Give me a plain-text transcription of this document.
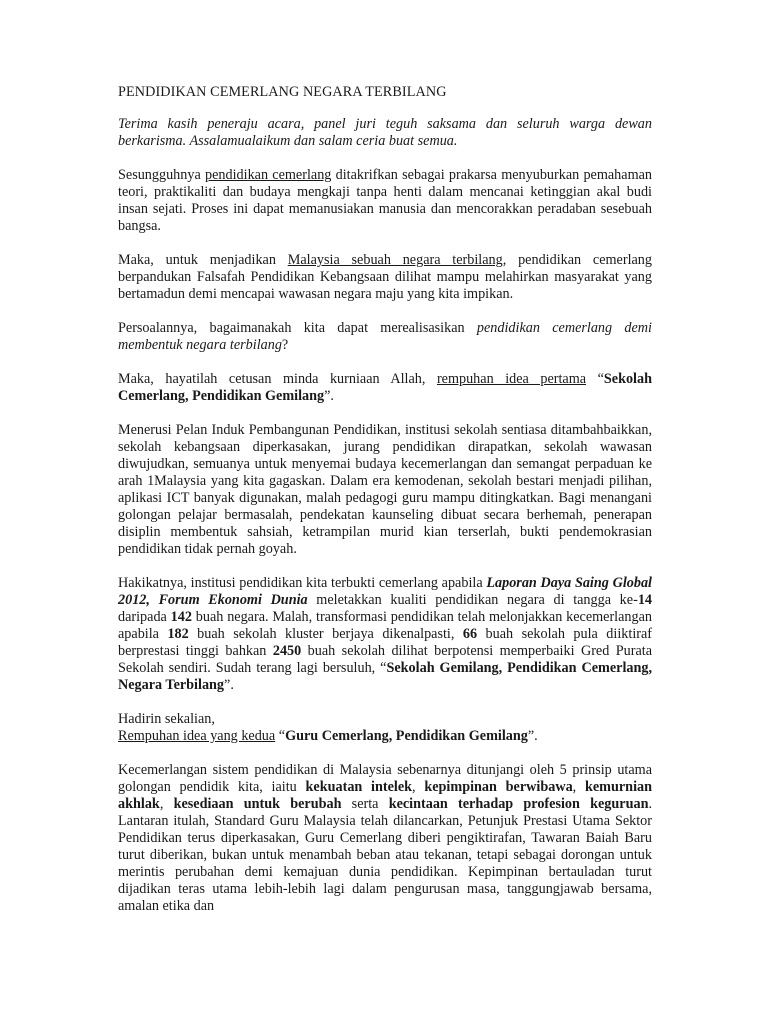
PENDIDIKAN CEMERLANG NEGARA TERBILANG

Terima kasih peneraju acara, panel juri teguh saksama dan seluruh warga dewan berkarisma. Assalamualaikum dan salam ceria buat semua.

Sesungguhnya pendidikan cemerlang ditakrifkan sebagai prakarsa menyuburkan pemahaman teori, praktikaliti dan budaya mengkaji tanpa henti dalam mencanai ketinggian akal budi insan sejati. Proses ini dapat memanusiakan manusia dan mencorakkan peradaban sesebuah bangsa.

Maka, untuk menjadikan Malaysia sebuah negara terbilang, pendidikan cemerlang berpandukan Falsafah Pendidikan Kebangsaan dilihat mampu melahirkan masyarakat yang bertamadun demi mencapai wawasan negara maju yang kita impikan.

Persoalannya, bagaimanakah kita dapat merealisasikan pendidikan cemerlang demi membentuk negara terbilang?

Maka, hayatilah cetusan minda kurniaan Allah, rempuhan idea pertama “Sekolah Cemerlang, Pendidikan Gemilang”.

Menerusi Pelan Induk Pembangunan Pendidikan, institusi sekolah sentiasa ditambahbaikkan, sekolah kebangsaan diperkasakan, jurang pendidikan dirapatkan, sekolah wawasan diwujudkan, semuanya untuk menyemai budaya kecemerlangan dan semangat perpaduan ke arah 1Malaysia yang kita gagaskan. Dalam era kemodenan, sekolah bestari menjadi pilihan, aplikasi ICT banyak digunakan, malah pedagogi guru mampu ditingkatkan. Bagi menangani golongan pelajar bermasalah, pendekatan kaunseling dibuat secara berhemah, penerapan disiplin membentuk sahsiah, ketrampilan murid kian terserlah, bukti pendemokrasian pendidikan tidak pernah goyah.

Hakikatnya, institusi pendidikan kita terbukti cemerlang apabila Laporan Daya Saing Global 2012, Forum Ekonomi Dunia meletakkan kualiti pendidikan negara di tangga ke-14 daripada 142 buah negara. Malah, transformasi pendidikan telah melonjakkan kecemerlangan apabila 182 buah sekolah kluster berjaya dikenalpasti, 66 buah sekolah pula diiktiraf berprestasi tinggi bahkan 2450 buah sekolah dilihat berpotensi memperbaiki Gred Purata Sekolah sendiri. Sudah terang lagi bersuluh, “Sekolah Gemilang, Pendidikan Cemerlang, Negara Terbilang”.

Hadirin sekalian,
Rempuhan idea yang kedua “Guru Cemerlang, Pendidikan Gemilang”.

Kecemerlangan sistem pendidikan di Malaysia sebenarnya ditunjangi oleh 5 prinsip utama golongan pendidik kita, iaitu kekuatan intelek, kepimpinan berwibawa, kemurnian akhlak, kesediaan untuk berubah serta kecintaan terhadap profesion keguruan. Lantaran itulah, Standard Guru Malaysia telah dilancarkan, Petunjuk Prestasi Utama Sektor Pendidikan terus diperkasakan, Guru Cemerlang diberi pengiktirafan, Tawaran Baiah Baru turut diberikan, bukan untuk menambah beban atau tekanan, tetapi sebagai dorongan untuk merintis perubahan demi kemajuan dunia pendidikan. Kepimpinan bertauladan turut dijadikan teras utama lebih-lebih lagi dalam pengurusan masa, tanggungjawab bersama, amalan etika dan
